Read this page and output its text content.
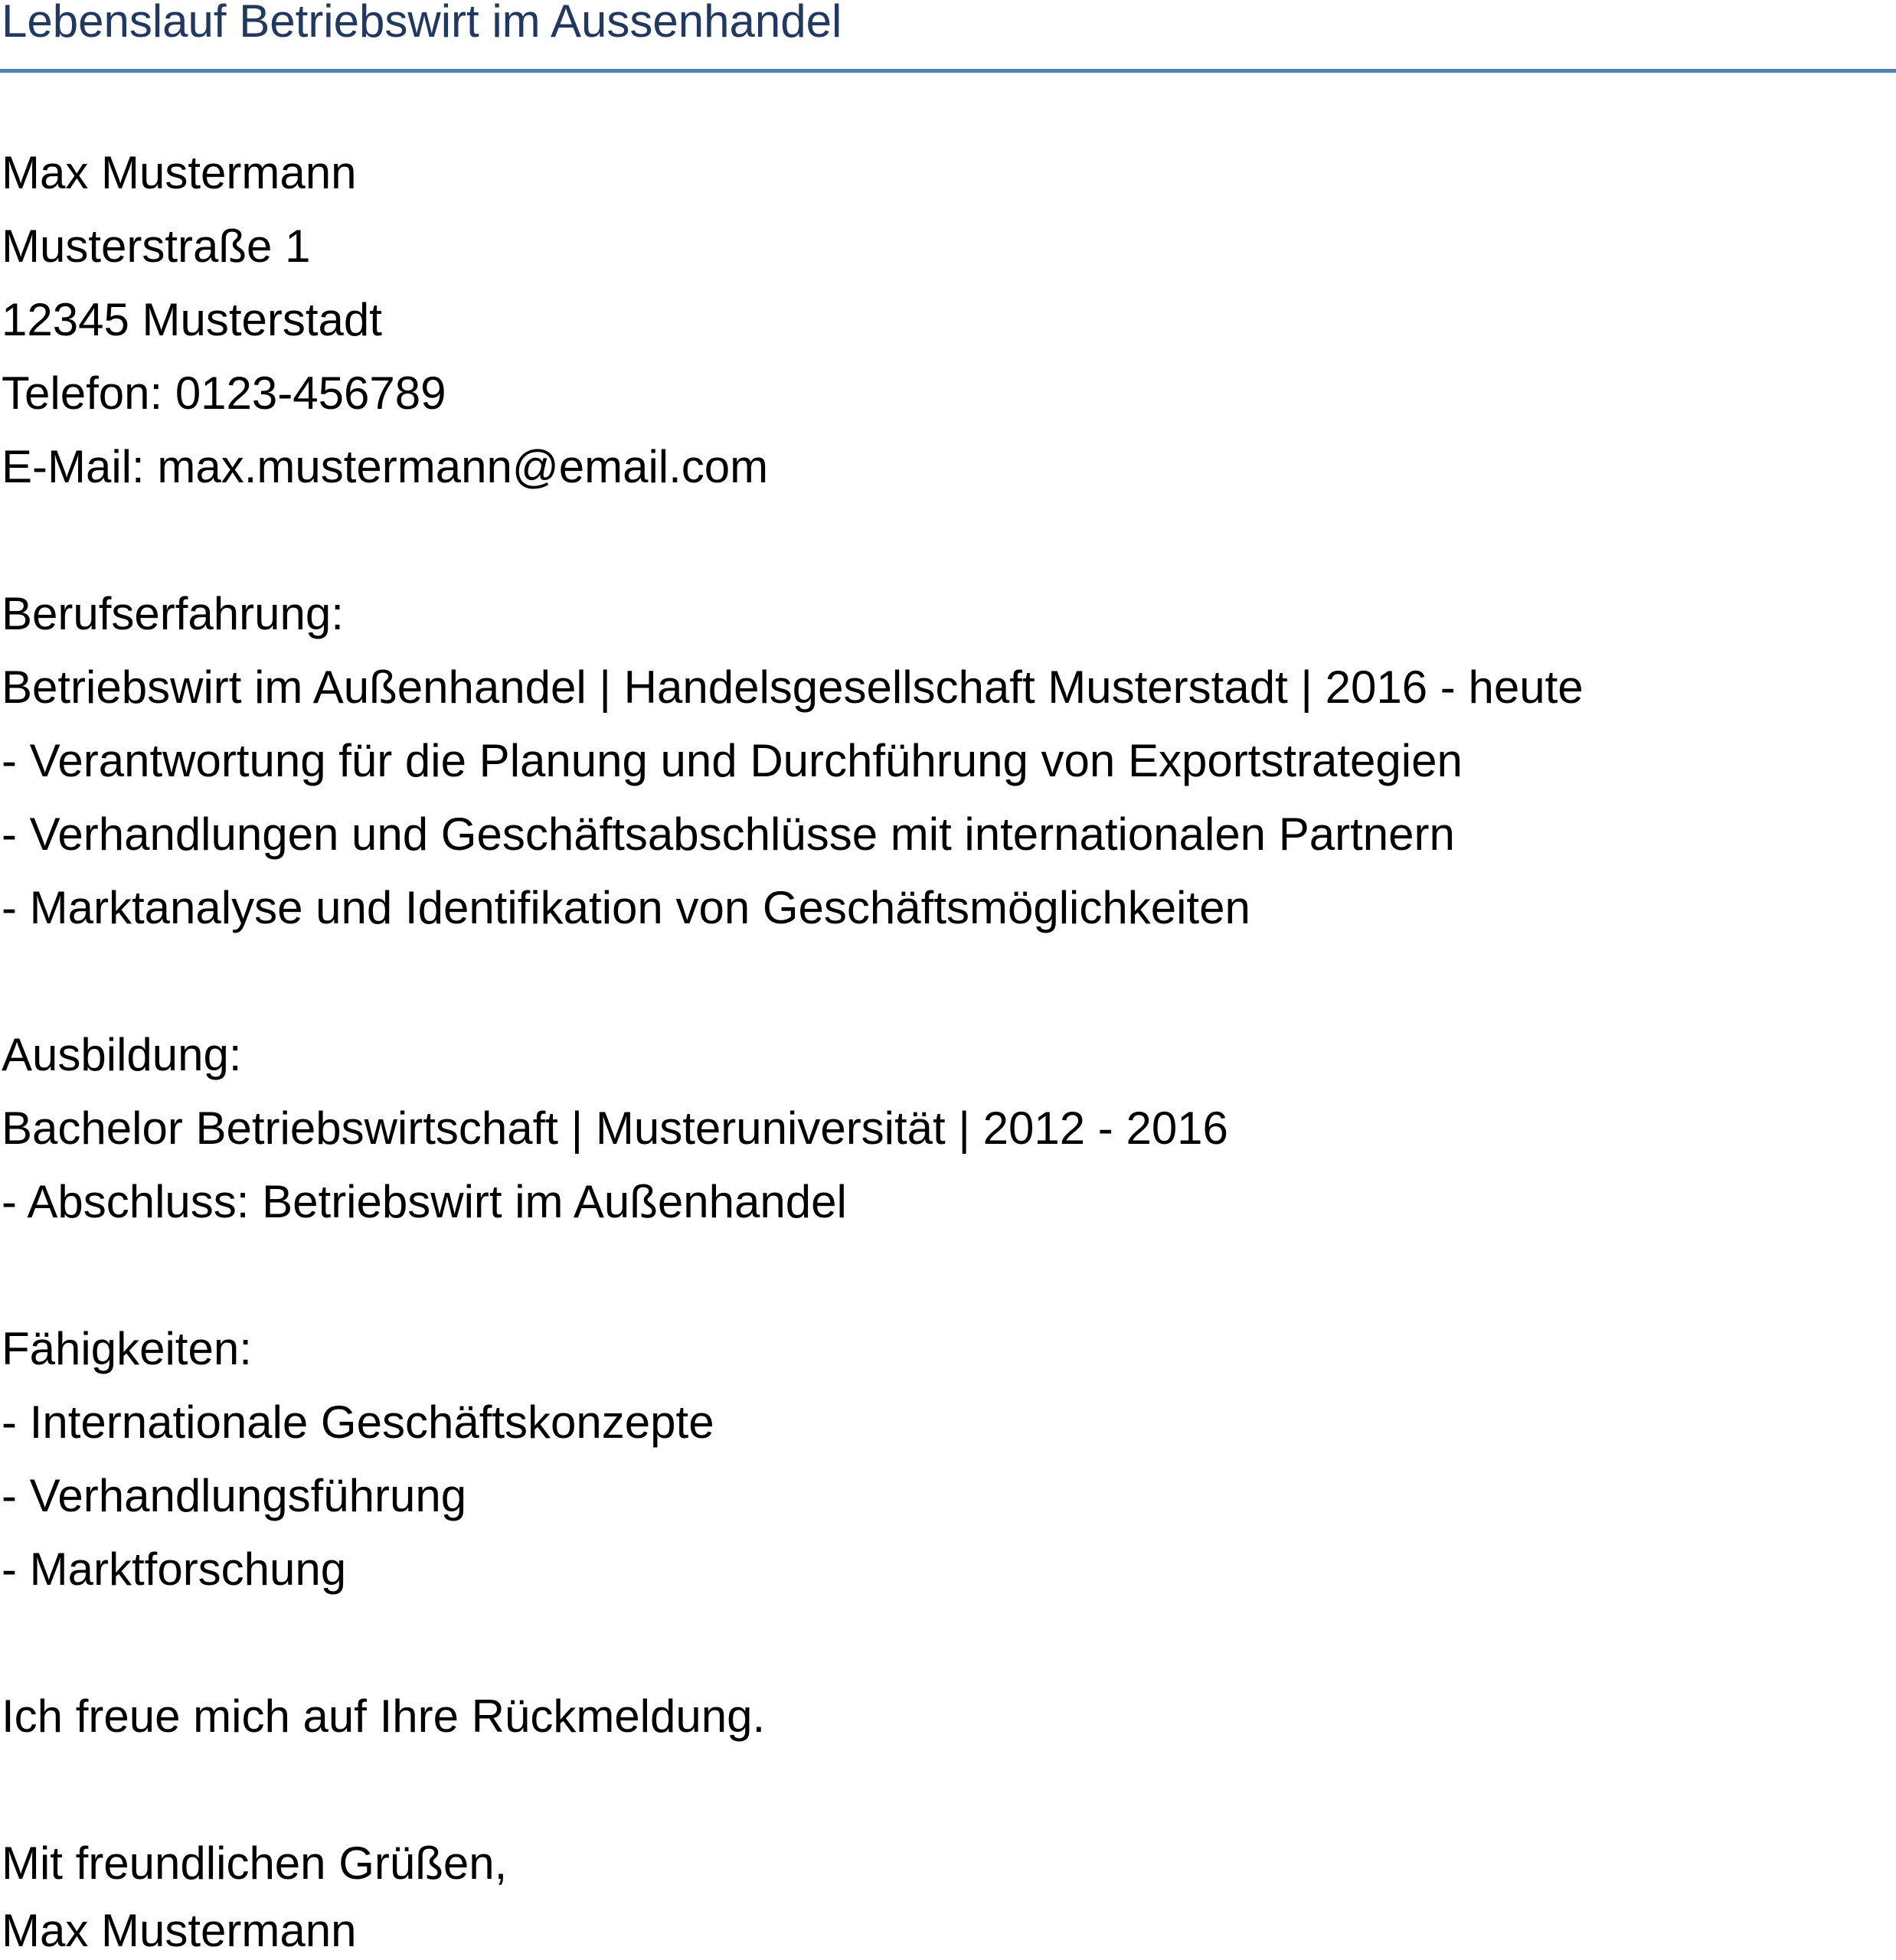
Lebenslauf Betriebswirt im Aussenhandel

Max Mustermann

Musterstraße 1

12345 Musterstadt

Telefon: 0123-456789

E-Mail: max.mustermann@email.com

Berufserfahrung:

Betriebswirt im Außenhandel | Handelsgesellschaft Musterstadt | 2016 - heute

- Verantwortung für die Planung und Durchführung von Exportstrategien

- Verhandlungen und Geschäftsabschlüsse mit internationalen Partnern

- Marktanalyse und Identifikation von Geschäftsmöglichkeiten

Ausbildung:

Bachelor Betriebswirtschaft | Musteruniversität | 2012 - 2016

- Abschluss: Betriebswirt im Außenhandel

Fähigkeiten:

- Internationale Geschäftskonzepte

- Verhandlungsführung

- Marktforschung

Ich freue mich auf Ihre Rückmeldung.

Mit freundlichen Grüßen,

Max Mustermann
